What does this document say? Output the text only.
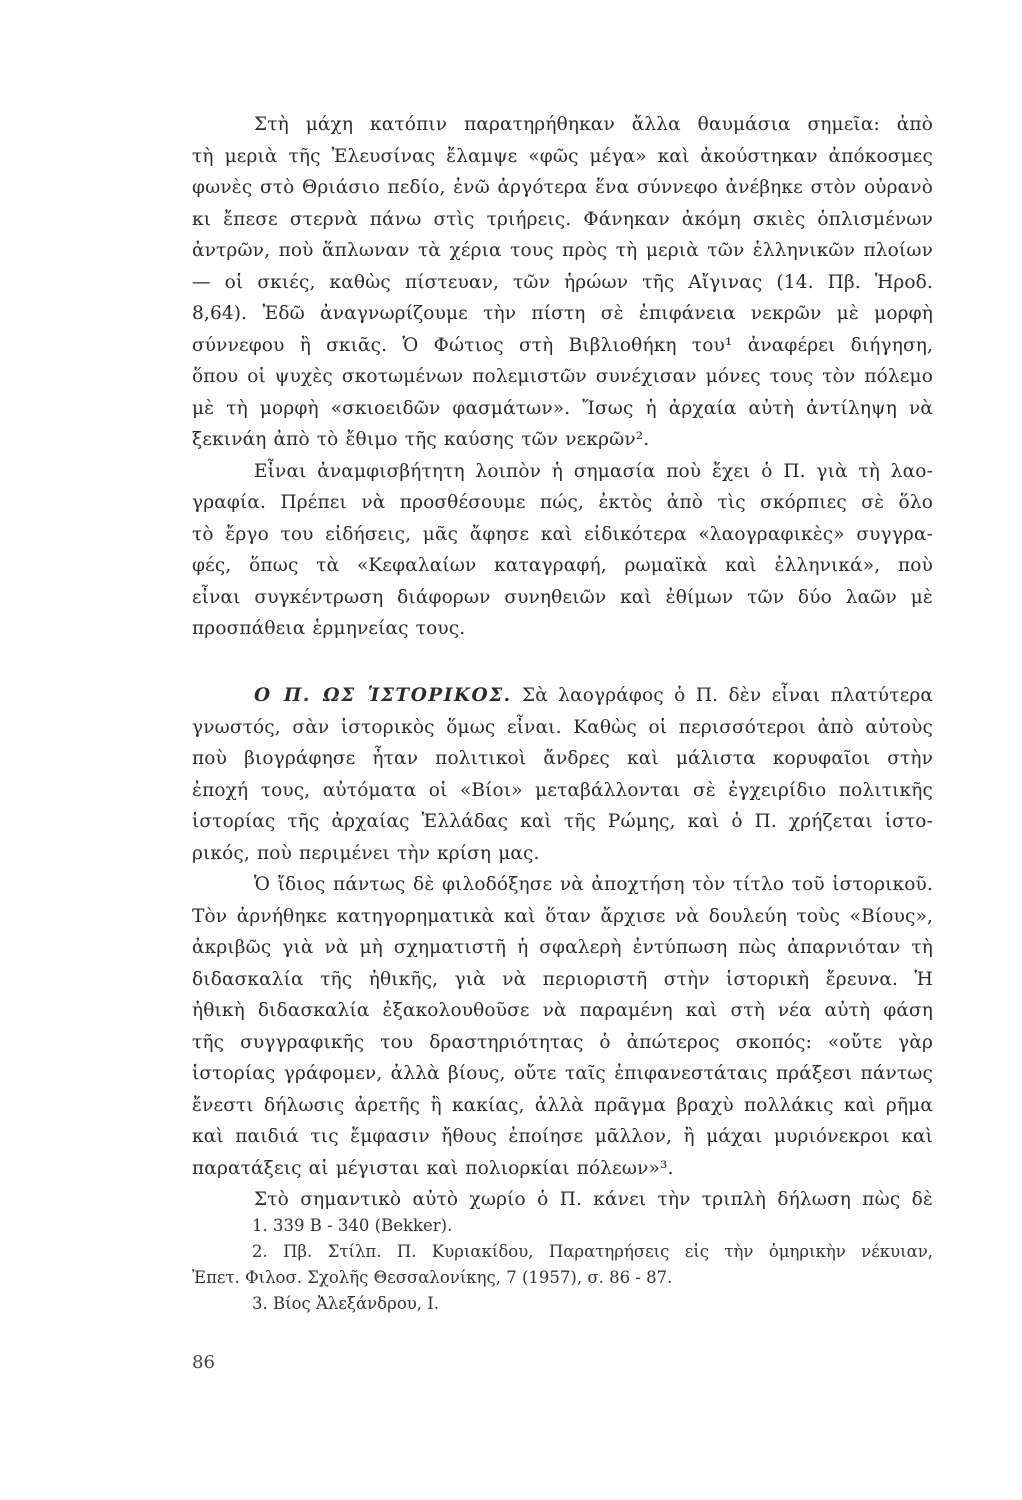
Στὴ μάχη κατόπιν παρατηρήθηκαν ἄλλα θαυμάσια σημεῖα: ἀπὸ
τὴ μεριὰ τῆς Ἐλευσίνας ἔλαμψε «φῶς μέγα» καὶ ἀκούστηκαν ἀπόκοσμες
φωνὲς στὸ Θριάσιο πεδίο, ἐνῶ ἀργότερα ἕνα σύννεφο ἀνέβηκε στὸν οὐρανὸ
κι ἔπεσε στερνὰ πάνω στὶς τριήρεις. Φάνηκαν ἀκόμη σκιὲς ὁπλισμένων
ἀντρῶν, ποὺ ἅπλωναν τὰ χέρια τους πρὸς τὴ μεριὰ τῶν ἑλληνικῶν πλοίων
— οἱ σκιές, καθὼς πίστευαν, τῶν ἡρώων τῆς Αἴγινας (14. Πβ. Ἡροδ.
8,64). Ἐδῶ ἀναγνωρίζουμε τὴν πίστη σὲ ἐπιφάνεια νεκρῶν μὲ μορφὴ
σύννεφου ἢ σκιᾶς. Ὁ Φώτιος στὴ Βιβλιοθήκη του¹ ἀναφέρει διήγηση,
ὅπου οἱ ψυχὲς σκοτωμένων πολεμιστῶν συνέχισαν μόνες τους τὸν πόλεμο
μὲ τὴ μορφὴ «σκιοειδῶν φασμάτων». Ἴσως ἡ ἀρχαία αὐτὴ ἀντίληψη νὰ
ξεκινάη ἀπὸ τὸ ἔθιμο τῆς καύσης τῶν νεκρῶν².
Εἶναι ἀναμφισβήτητη λοιπὸν ἡ σημασία ποὺ ἔχει ὁ Π. γιὰ τὴ λαο-
γραφία. Πρέπει νὰ προσθέσουμε πώς, ἐκτὸς ἀπὸ τὶς σκόρπιες σὲ ὅλο
τὸ ἔργο του εἰδήσεις, μᾶς ἄφησε καὶ εἰδικότερα «λαογραφικὲς» συγγρα-
φές, ὅπως τὰ «Κεφαλαίων καταγραφή, ρωμαϊκὰ καὶ ἑλληνικά», ποὺ
εἶναι συγκέντρωση διάφορων συνηθειῶν καὶ ἐθίμων τῶν δύο λαῶν μὲ
προσπάθεια ἑρμηνείας τους.
Ο Π. ΩΣ ἹΣΤΟΡΙΚΟΣ. Σὰ λαογράφος ὁ Π. δὲν εἶναι πλατύτερα
γνωστός, σὰν ἱστορικὸς ὅμως εἶναι. Καθὼς οἱ περισσότεροι ἀπὸ αὐτοὺς
ποὺ βιογράφησε ἦταν πολιτικοὶ ἄνδρες καὶ μάλιστα κορυφαῖοι στὴν
ἐποχή τους, αὐτόματα οἱ «Βίοι» μεταβάλλονται σὲ ἐγχειρίδιο πολιτικῆς
ἱστορίας τῆς ἀρχαίας Ἑλλάδας καὶ τῆς Ρώμης, καὶ ὁ Π. χρήζεται ἱστο-
ρικός, ποὺ περιμένει τὴν κρίση μας.
Ὁ ἴδιος πάντως δὲ φιλοδόξησε νὰ ἀποχτήση τὸν τίτλο τοῦ ἱστορικοῦ.
Τὸν ἀρνήθηκε κατηγορηματικὰ καὶ ὅταν ἄρχισε νὰ δουλεύη τοὺς «Βίους»,
ἀκριβῶς γιὰ νὰ μὴ σχηματιστῆ ἡ σφαλερὴ ἐντύπωση πὼς ἀπαρνιόταν τὴ
διδασκαλία τῆς ἠθικῆς, γιὰ νὰ περιοριστῆ στὴν ἱστορικὴ ἔρευνα. Ἡ
ἠθικὴ διδασκαλία ἐξακολουθοῦσε νὰ παραμένη καὶ στὴ νέα αὐτὴ φάση
τῆς συγγραφικῆς του δραστηριότητας ὁ ἀπώτερος σκοπός: «οὔτε γὰρ
ἱστορίας γράφομεν, ἀλλὰ βίους, οὔτε ταῖς ἐπιφανεστάταις πράξεσι πάντως
ἔνεστι δήλωσις ἀρετῆς ἢ κακίας, ἀλλὰ πρᾶγμα βραχὺ πολλάκις καὶ ρῆμα
καὶ παιδιά τις ἔμφασιν ἤθους ἐποίησε μᾶλλον, ἢ μάχαι μυριόνεκροι καὶ
παρατάξεις αἱ μέγισται καὶ πολιορκίαι πόλεων»³.
Στὸ σημαντικὸ αὐτὸ χωρίο ὁ Π. κάνει τὴν τριπλὴ δήλωση πὼς δὲ
1. 339 B - 340 (Bekker).
2. Πβ. Στίλπ. Π. Κυριακίδου, Παρατηρήσεις εἰς τὴν ὁμηρικὴν νέκυιαν,
Ἐπετ. Φιλοσ. Σχολῆς Θεσσαλονίκης, 7 (1957), σ. 86 - 87.
3. Βίος Ἀλεξάνδρου, Ι.
86
